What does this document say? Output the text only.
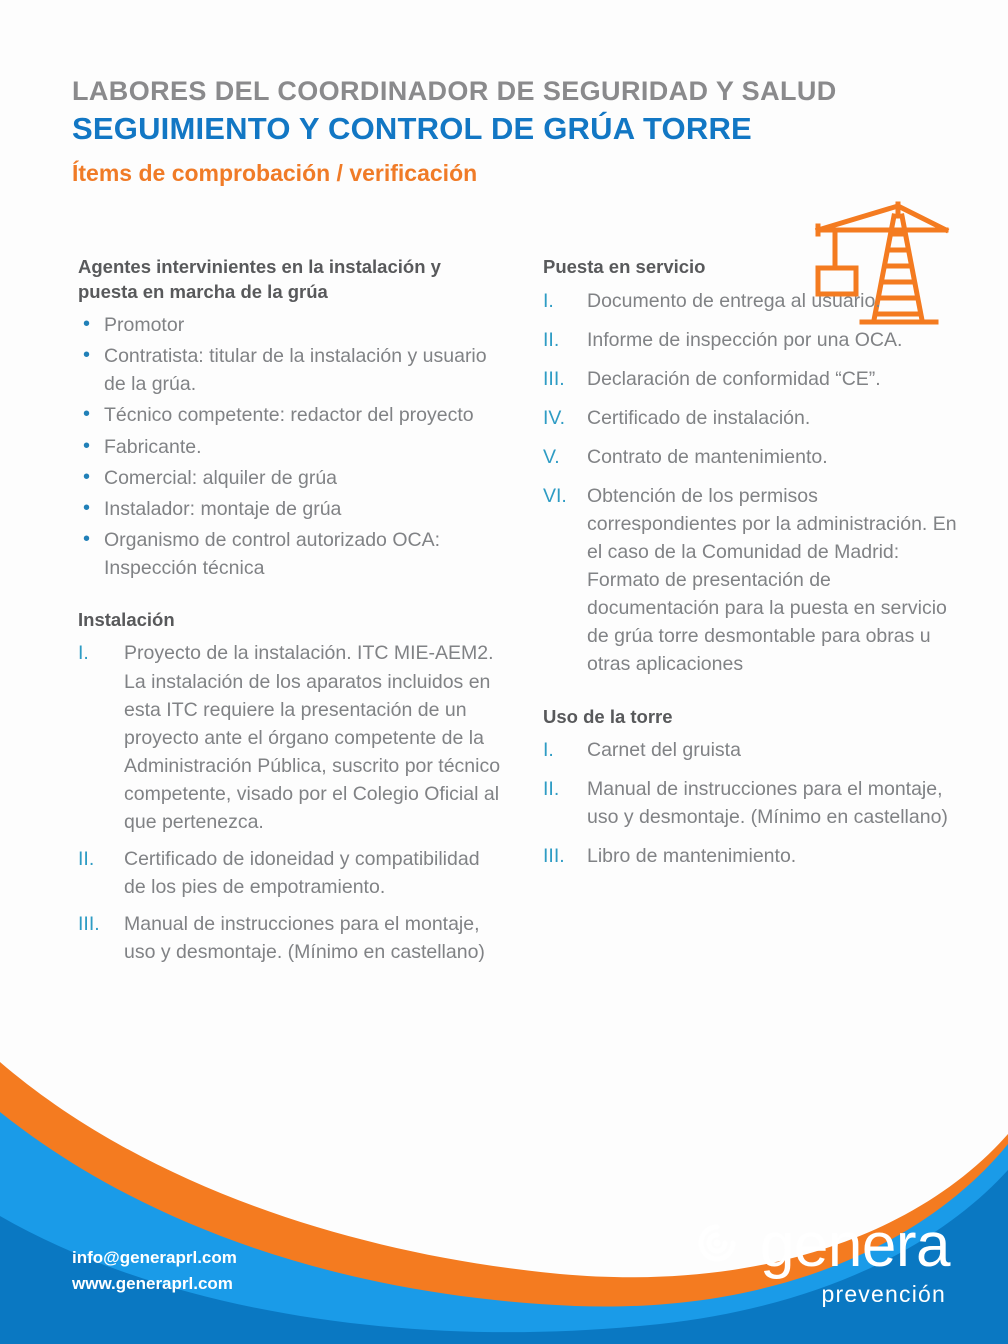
LABORES DEL COORDINADOR DE SEGURIDAD Y SALUD
SEGUIMIENTO Y CONTROL DE GRÚA TORRE
Ítems de comprobación / verificación
Agentes intervinientes en la instalación y puesta en marcha de la grúa
• Promotor
• Contratista: titular de la instalación y usuario de la grúa.
• Técnico competente: redactor del proyecto
• Fabricante.
• Comercial: alquiler de grúa
• Instalador: montaje de grúa
• Organismo de control autorizado OCA: Inspección técnica
Instalación
I.	Proyecto de la instalación. ITC MIE-AEM2. La instalación de los aparatos incluidos en esta ITC requiere la presentación de un proyecto ante el órgano competente de la Administración Pública, suscrito por técnico competente, visado por el Colegio Oficial al que pertenezca.
II.	Certificado de idoneidad y compatibilidad de los pies de empotramiento.
III.	Manual de instrucciones para el montaje, uso y desmontaje. (Mínimo en castellano)
Puesta en servicio
I.	Documento de entrega al usuario.
II.	Informe de inspección por una OCA.
III.	Declaración de conformidad “CE”.
IV.	Certificado de instalación.
V.	Contrato de mantenimiento.
VI.	Obtención de los permisos correspondientes por la administración. En el caso de la Comunidad de Madrid: Formato de presentación de documentación para la puesta en servicio de grúa torre desmontable para obras u otras aplicaciones
Uso de la torre
I.	Carnet del gruista
II.	Manual de instrucciones para el montaje, uso y desmontaje. (Mínimo en castellano)
III.	Libro de mantenimiento.
info@generaprl.com
www.generaprl.com
genera
prevención
